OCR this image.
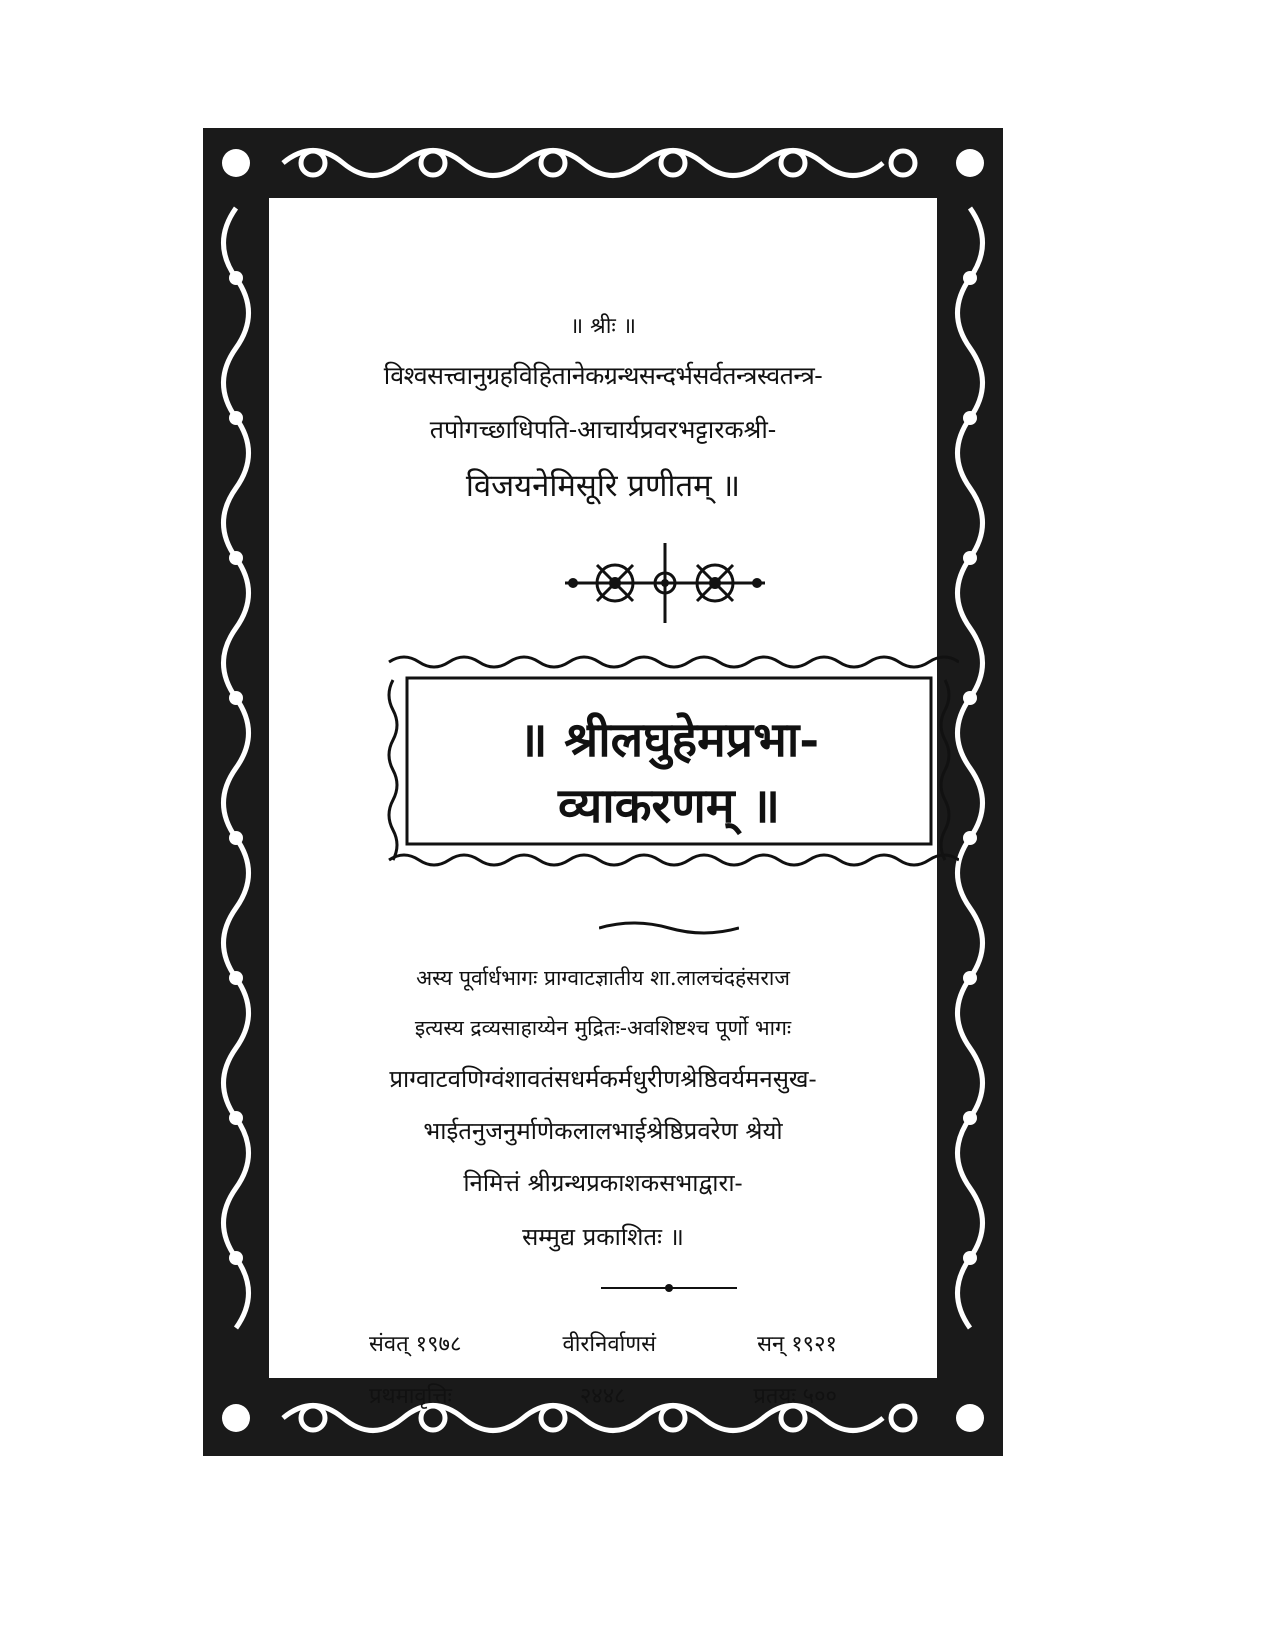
॥ श्रीः ॥
विश्वसत्त्वानुग्रहविहितानेकग्रन्थसन्दर्भसर्वतन्त्रस्वतन्त्र-
तपोगच्छाधिपति-आचार्यप्रवरभट्टारकश्री-
विजयनेमिसूरि प्रणीतम् ॥
॥ श्रीलघुहेमप्रभा-
व्याकरणम् ॥
अस्य पूर्वार्धभागः प्राग्वाटज्ञातीय शा.लालचंदहंसराज
इत्यस्य द्रव्यसाहाय्येन मुद्रितः-अवशिष्टश्च पूर्णो भागः
प्राग्वाटवणिग्वंशावतंसधर्मकर्मधुरीणश्रेष्ठिवर्यमनसुख-
भाईतनुजनुर्माणेकलालभाईश्रेष्ठिप्रवरेण श्रेयो
निमित्तं श्रीग्रन्थप्रकाशकसभाद्वारा-
सम्मुद्य प्रकाशितः ॥
संवत् १९७८	वीरनिर्वाणसं	सन् १९२१
प्रथमावृत्तिः	२४४८	प्रतयः ५००
